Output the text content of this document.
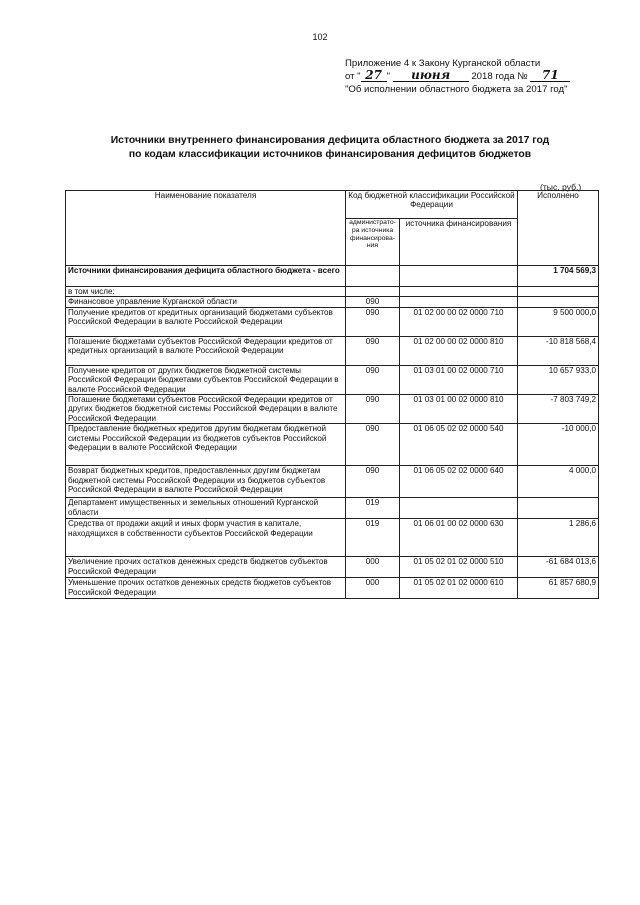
102
Приложение 4 к Закону Курганской области
от " 27 " июня 2018 года № 71
"Об исполнении областного бюджета за 2017 год"
Источники внутреннего финансирования дефицита областного бюджета за 2017 год
по кодам классификации источников финансирования дефицитов бюджетов
(тыс. руб.)
Наименование показателя	Код бюджетной классификации Российской Федерации		Исполнено
	администрато-ра источника финансирова-ния	источника финансирования	
Источники финансирования дефицита областного бюджета - всего			1 704 569,3
в том числе:			
Финансовое управление Курганской области	090		
Получение кредитов от кредитных организаций бюджетами субъектов Российской Федерации в валюте Российской Федерации	090	01 02 00 00 02 0000 710	9 500 000,0
Погашение бюджетами субъектов Российской Федерации кредитов от кредитных организаций в валюте Российской Федерации	090	01 02 00 00 02 0000 810	-10 818 568,4
Получение кредитов от других бюджетов бюджетной системы Российской Федерации бюджетами субъектов Российской Федерации в валюте Российской Федерации	090	01 03 01 00 02 0000 710	10 657 933,0
Погашение бюджетами субъектов Российской Федерации кредитов от других бюджетов бюджетной системы Российской Федерации в валюте Российской Федерации	090	01 03 01 00 02 0000 810	-7 803 749,2
Предоставление бюджетных кредитов другим бюджетам бюджетной системы Российской Федерации из бюджетов субъектов Российской Федерации в валюте Российской Федерации	090	01 06 05 02 02 0000 540	-10 000,0
Возврат бюджетных кредитов, предоставленных другим бюджетам бюджетной системы Российской Федерации из бюджетов субъектов Российской Федерации в валюте Российской Федерации	090	01 06 05 02 02 0000 640	4 000,0
Департамент имущественных и земельных отношений Курганской области	019		
Средства от продажи акций и иных форм участия в капитале, находящихся в собственности субъектов Российской Федерации	019	01 06 01 00 02 0000 630	1 286,6
Увеличение прочих остатков денежных средств бюджетов субъектов Российской Федерации	000	01 05 02 01 02 0000 510	-61 684 013,6
Уменьшение прочих остатков денежных средств бюджетов субъектов Российской Федерации	000	01 05 02 01 02 0000 610	61 857 680,9
